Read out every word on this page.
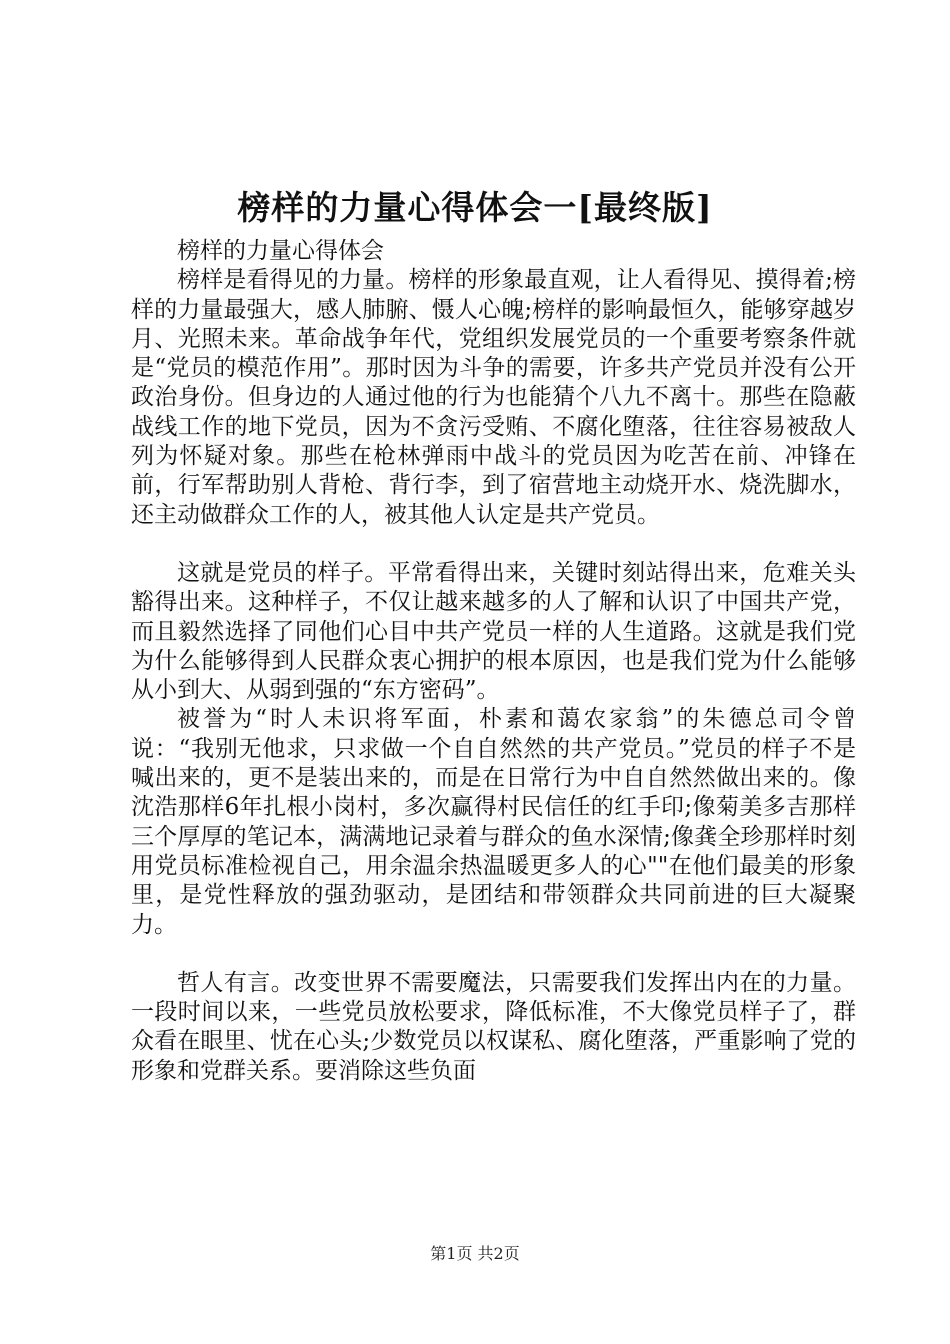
榜样的力量心得体会一[最终版]

榜样的力量心得体会

榜样是看得见的力量。榜样的形象最直观，让人看得见、摸得着;榜样的力量最强大，感人肺腑、慑人心魄;榜样的影响最恒久，能够穿越岁月、光照未来。革命战争年代，党组织发展党员的一个重要考察条件就是“党员的模范作用”。那时因为斗争的需要，许多共产党员并没有公开政治身份。但身边的人通过他的行为也能猜个八九不离十。那些在隐蔽战线工作的地下党员，因为不贪污受贿、不腐化堕落，往往容易被敌人列为怀疑对象。那些在枪林弹雨中战斗的党员因为吃苦在前、冲锋在前，行军帮助别人背枪、背行李，到了宿营地主动烧开水、烧洗脚水，还主动做群众工作的人，被其他人认定是共产党员。

这就是党员的样子。平常看得出来，关键时刻站得出来，危难关头豁得出来。这种样子，不仅让越来越多的人了解和认识了中国共产党，而且毅然选择了同他们心目中共产党员一样的人生道路。这就是我们党为什么能够得到人民群众衷心拥护的根本原因，也是我们党为什么能够从小到大、从弱到强的“东方密码”。

被誉为“时人未识将军面，朴素和蔼农家翁”的朱德总司令曾说：“我别无他求，只求做一个自自然然的共产党员。”党员的样子不是喊出来的，更不是装出来的，而是在日常行为中自自然然做出来的。像沈浩那样6年扎根小岗村，多次赢得村民信任的红手印;像菊美多吉那样三个厚厚的笔记本，满满地记录着与群众的鱼水深情;像龚全珍那样时刻用党员标准检视自己，用余温余热温暖更多人的心""在他们最美的形象里，是党性释放的强劲驱动，是团结和带领群众共同前进的巨大凝聚力。

哲人有言。改变世界不需要魔法，只需要我们发挥出内在的力量。一段时间以来，一些党员放松要求，降低标准，不大像党员样子了，群众看在眼里、忧在心头;少数党员以权谋私、腐化堕落，严重影响了党的形象和党群关系。要消除这些负面

第1页 共2页
